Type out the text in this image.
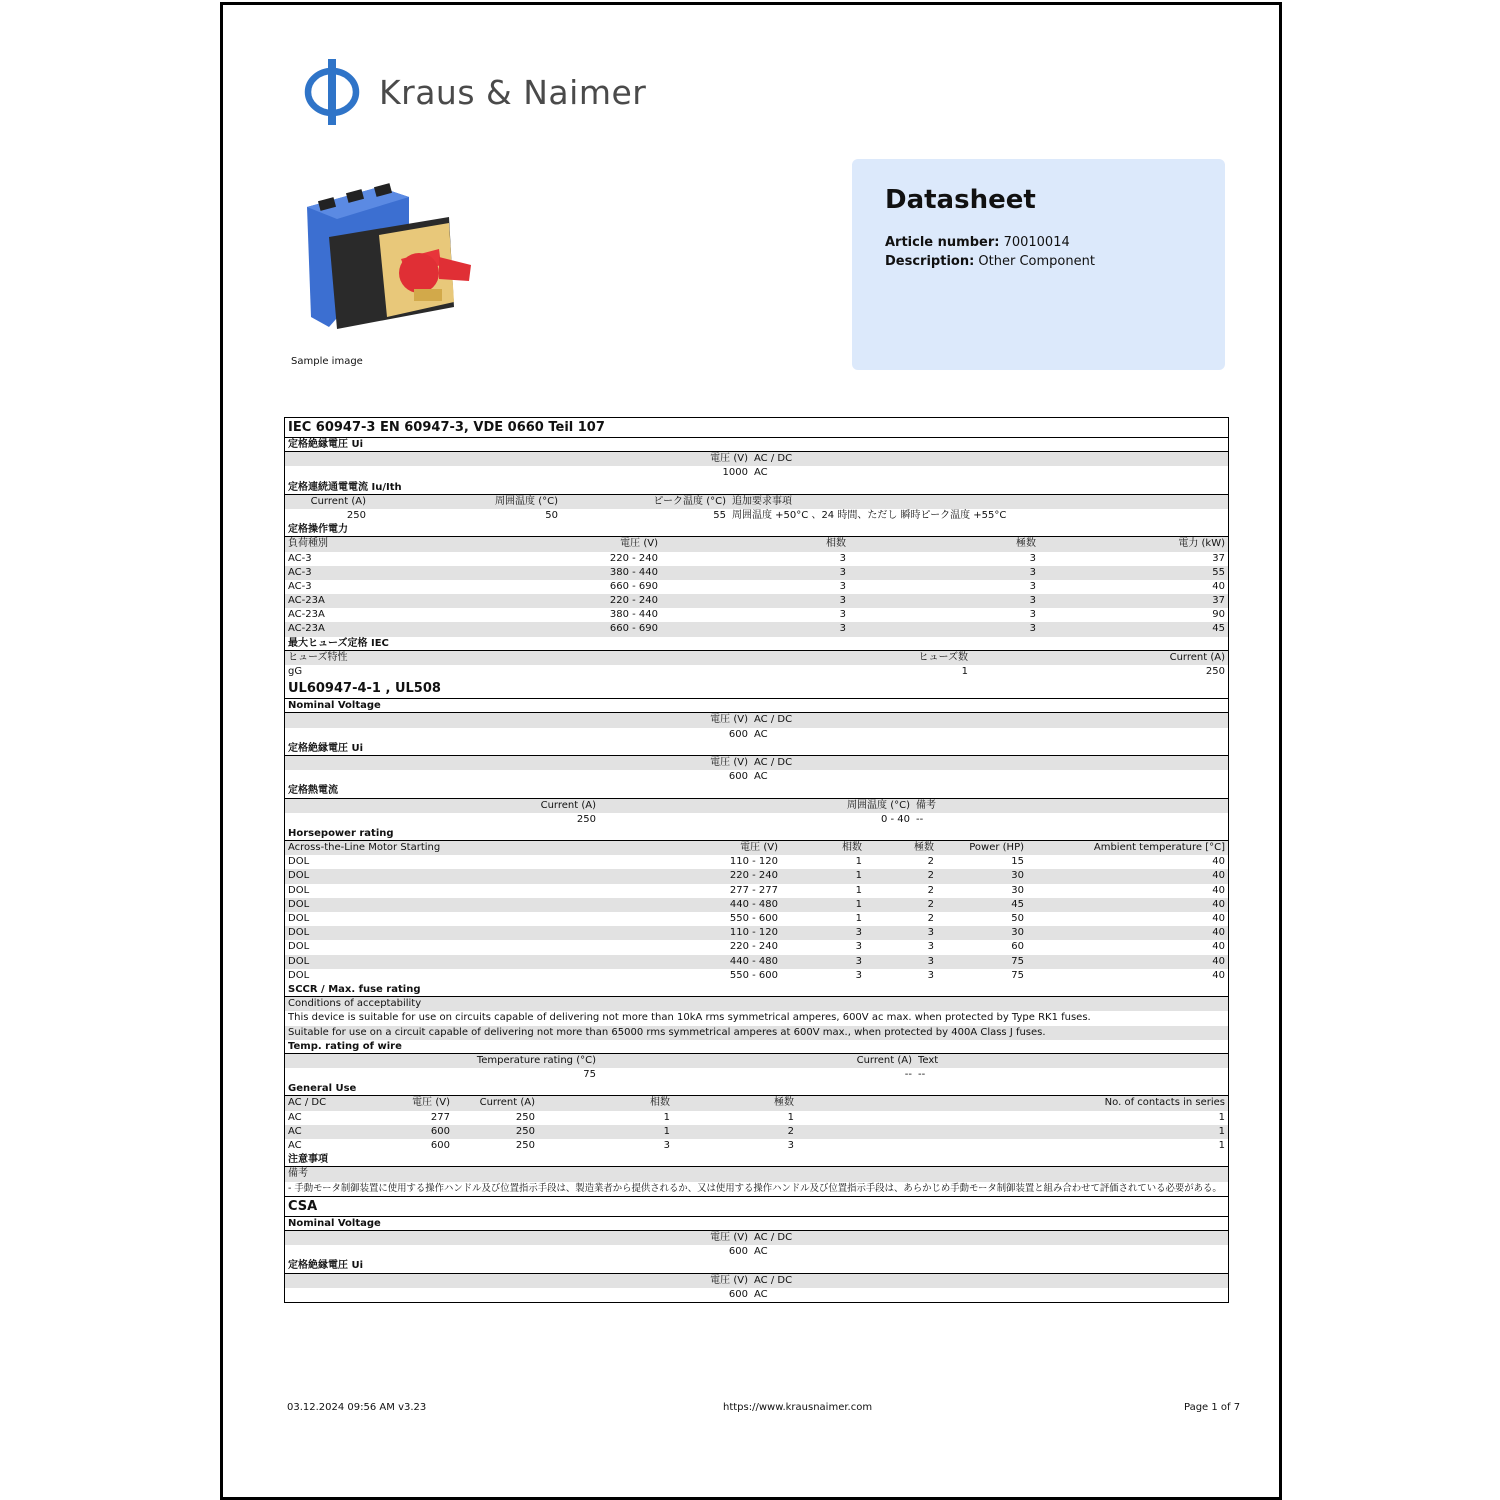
Kraus & Naimer
Sample image
Datasheet
Article number: 70010014
Description: Other Component
IEC 60947-3 EN 60947-3, VDE 0660 Teil 107
定格絶縁電圧 Ui
電圧 (V) AC / DC
1000 AC
定格連続通電電流 Iu/Ith
Current (A)	周囲温度 (°C)	ピーク温度 (°C) 追加要求事項
250	50	55 周囲温度 +50°C 、24 時間、ただし 瞬時ピーク温度 +55°C
定格操作電力
負荷種別	電圧 (V)	相数	極数	電力 (kW)
AC-3	220 - 240	3	3	37
AC-3	380 - 440	3	3	55
AC-3	660 - 690	3	3	40
AC-23A	220 - 240	3	3	37
AC-23A	380 - 440	3	3	90
AC-23A	660 - 690	3	3	45
最大ヒューズ定格 IEC
ヒューズ特性	ヒューズ数	Current (A)
gG	1	250
UL60947-4-1 , UL508
Nominal Voltage
電圧 (V) AC / DC
600 AC
定格絶縁電圧 Ui
電圧 (V) AC / DC
600 AC
定格熱電流
Current (A)	周囲温度 (°C) 備考
250	0 - 40 --
Horsepower rating
Across-the-Line Motor Starting	電圧 (V)	相数	極数	Power (HP)	Ambient temperature [°C]
DOL	110 - 120	1	2	15	40
DOL	220 - 240	1	2	30	40
DOL	277 - 277	1	2	30	40
DOL	440 - 480	1	2	45	40
DOL	550 - 600	1	2	50	40
DOL	110 - 120	3	3	30	40
DOL	220 - 240	3	3	60	40
DOL	440 - 480	3	3	75	40
DOL	550 - 600	3	3	75	40
SCCR / Max. fuse rating
Conditions of acceptability
This device is suitable for use on circuits capable of delivering not more than 10kA rms symmetrical amperes, 600V ac max. when protected by Type RK1 fuses.
Suitable for use on a circuit capable of delivering not more than 65000 rms symmetrical amperes at 600V max., when protected by 400A Class J fuses.
Temp. rating of wire
Temperature rating (°C)	Current (A) Text
75	-- --
General Use
AC / DC	電圧 (V)	Current (A)	相数	極数	No. of contacts in series
AC	277	250	1	1	1
AC	600	250	1	2	1
AC	600	250	3	3	1
注意事項
備考
- 手動モータ制御装置に使用する操作ハンドル及び位置指示手段は、製造業者から提供されるか、又は使用する操作ハンドル及び位置指示手段は、あらかじめ手動モータ制御装置と組み合わせて評価されている必要がある。
CSA
Nominal Voltage
電圧 (V) AC / DC
600 AC
定格絶縁電圧 Ui
電圧 (V) AC / DC
600 AC
03.12.2024 09:56 AM v3.23	https://www.krausnaimer.com	Page 1 of 7
